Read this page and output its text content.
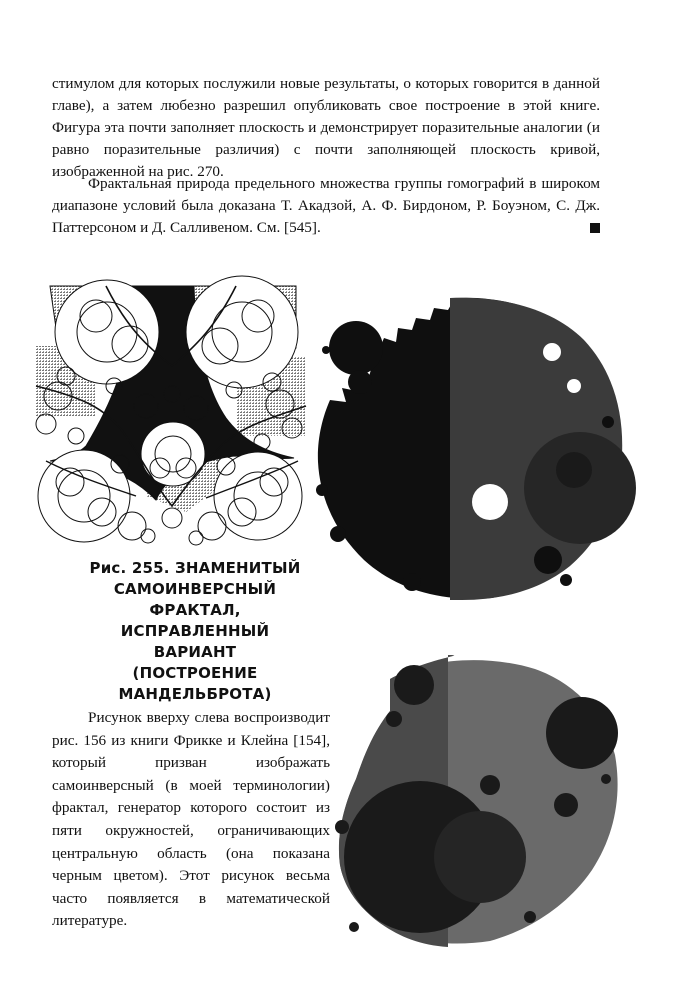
стимулом для которых послужили новые результаты, о которых говорится в данной главе), а затем любезно разрешил опубликовать свое построение в этой книге. Фигура эта почти заполняет плоскость и демонстрирует поразительные аналогии (и равно поразительные различия) с почти заполняющей плоскость кривой, изображенной на рис. 270.

Фрактальная природа предельного множества группы гомографий в широком диапазоне условий была доказана Т. Акадзой, А. Ф. Бирдоном, Р. Боуэном, С. Дж. Паттерсоном и Д. Салливеном. См. [545].

Рис. 255. ЗНАМЕНИТЫЙ
САМОИНВЕРСНЫЙ
ФРАКТАЛ,
ИСПРАВЛЕННЫЙ
ВАРИАНТ
(ПОСТРОЕНИЕ
МАНДЕЛЬБРОТА)

Рисунок вверху слева воспроизводит рис. 156 из книги Фрикке и Клейна [154], который призван изображать самоинверсный (в моей терминологии) фрактал, генератор которого состоит из пяти окружностей, ограничивающих центральную область (она показана черным цветом). Этот рисунок весьма часто появляется в математической литературе.
